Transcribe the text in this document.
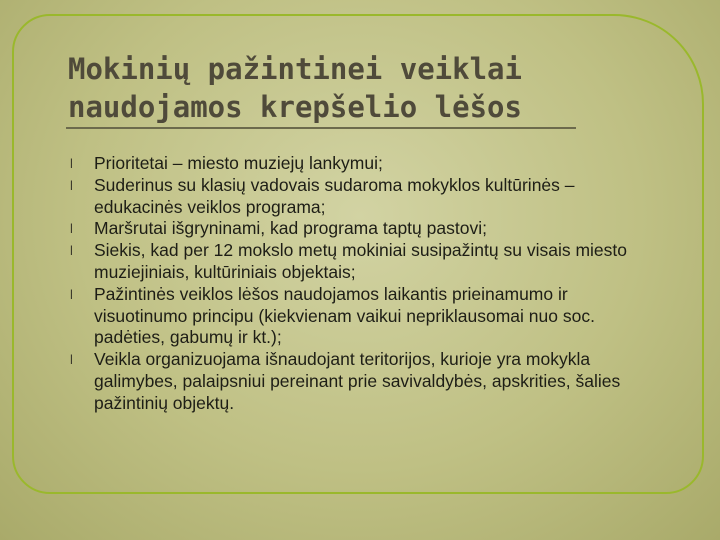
Mokinių pažintinei veiklai
naudojamos krepšelio lėšos
l Prioritetai – miesto muziejų lankymui;
l Suderinus su klasių vadovais sudaroma mokyklos kultūrinės – edukacinės veiklos programa;
l Maršrutai išgryninami, kad programa taptų pastovi;
l Siekis, kad per 12 mokslo metų mokiniai susipažintų su visais miesto muziejiniais, kultūriniais objektais;
l Pažintinės veiklos lėšos naudojamos laikantis prieinamumo ir visuotinumo principu (kiekvienam vaikui nepriklausomai nuo soc. padėties, gabumų ir kt.);
l Veikla organizuojama išnaudojant teritorijos, kurioje yra mokykla galimybes, palaipsniui pereinant prie savivaldybės, apskrities, šalies pažintinių objektų.
